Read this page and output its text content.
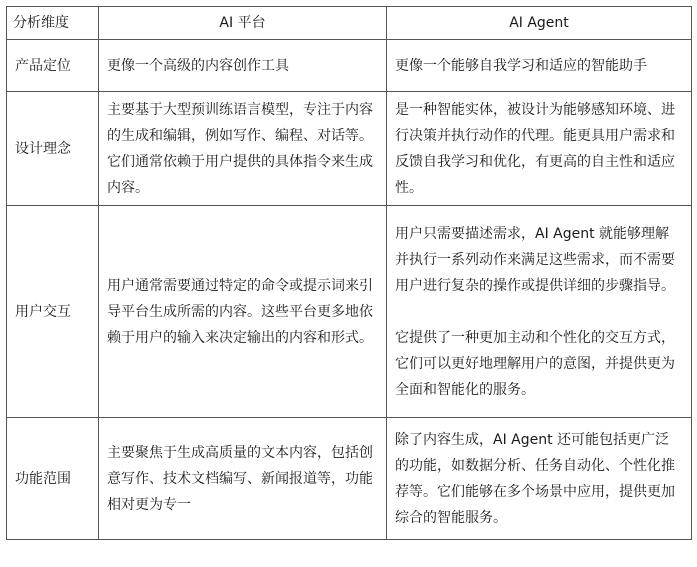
分析维度	AI 平台	AI Agent
产品定位	更像一个高级的内容创作工具	更像一个能够自我学习和适应的智能助手

设计理念	主要基于大型预训练语言模型，专注于内容的生成和编辑，例如写作、编程、对话等。它们通常依赖于用户提供的具体指令来生成内容。	是一种智能实体，被设计为能够感知环境、进行决策并执行动作的代理。能更具用户需求和反馈自我学习和优化，有更高的自主性和适应性。

用户交互	用户通常需要通过特定的命令或提示词来引导平台生成所需的内容。这些平台更多地依赖于用户的输入来决定输出的内容和形式。	用户只需要描述需求，AI Agent 就能够理解并执行一系列动作来满足这些需求，而不需要用户进行复杂的操作或提供详细的步骤指导。
它提供了一种更加主动和个性化的交互方式，它们可以更好地理解用户的意图，并提供更为全面和智能化的服务。

功能范围	主要聚焦于生成高质量的文本内容，包括创意写作、技术文档编写、新闻报道等，功能相对更为专一	除了内容生成，AI Agent 还可能包括更广泛的功能，如数据分析、任务自动化、个性化推荐等。它们能够在多个场景中应用，提供更加综合的智能服务。
